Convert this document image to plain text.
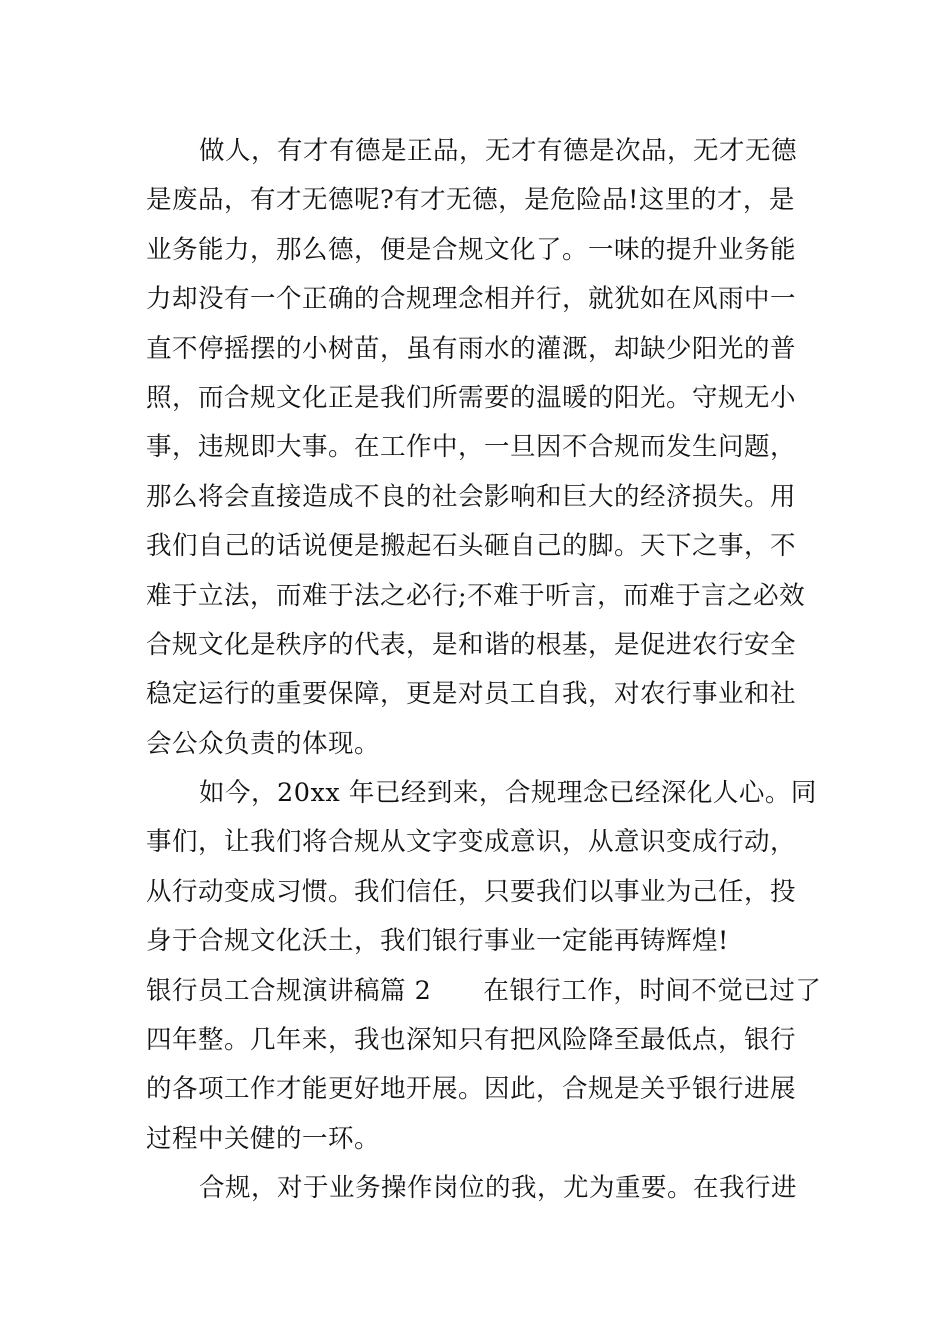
做人，有才有德是正品，无才有德是次品，无才无德
是废品，有才无德呢?有才无德，是危险品!这里的才，是
业务能力，那么德，便是合规文化了。一味的提升业务能
力却没有一个正确的合规理念相并行，就犹如在风雨中一
直不停摇摆的小树苗，虽有雨水的灌溉，却缺少阳光的普
照，而合规文化正是我们所需要的温暖的阳光。守规无小
事，违规即大事。在工作中，一旦因不合规而发生问题，
那么将会直接造成不良的社会影响和巨大的经济损失。用
我们自己的话说便是搬起石头砸自己的脚。天下之事，不
难于立法，而难于法之必行;不难于听言，而难于言之必效
合规文化是秩序的代表，是和谐的根基，是促进农行安全
稳定运行的重要保障，更是对员工自我，对农行事业和社
会公众负责的体现。
如今，20xx 年已经到来，合规理念已经深化人心。同
事们，让我们将合规从文字变成意识，从意识变成行动，
从行动变成习惯。我们信任，只要我们以事业为己任，投
身于合规文化沃土，我们银行事业一定能再铸辉煌!
银行员工合规演讲稿篇 2 在银行工作，时间不觉已过了
四年整。几年来，我也深知只有把风险降至最低点，银行
的各项工作才能更好地开展。因此，合规是关乎银行进展
过程中关健的一环。
合规，对于业务操作岗位的我，尤为重要。在我行进
